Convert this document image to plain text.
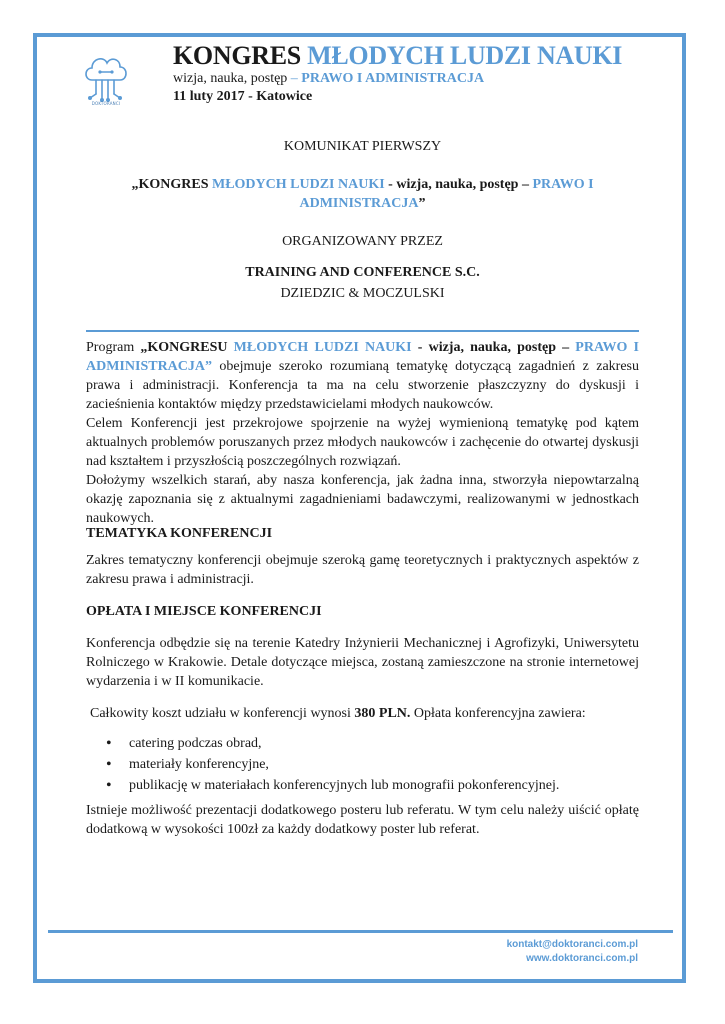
DOKTORANCI
KONGRES MŁODYCH LUDZI NAUKI
wizja, nauka, postęp – PRAWO I ADMINISTRACJA
11 luty 2017 - Katowice
KOMUNIKAT PIERWSZY
„KONGRES MŁODYCH LUDZI NAUKI - wizja, nauka, postęp – PRAWO I
ADMINISTRACJA”
ORGANIZOWANY PRZEZ
TRAINING AND CONFERENCE S.C.
DZIEDZIC & MOCZULSKI

Program „KONGRESU MŁODYCH LUDZI NAUKI - wizja, nauka, postęp – PRAWO I ADMINISTRACJA” obejmuje szeroko rozumianą tematykę dotyczącą zagadnień z zakresu prawa i administracji. Konferencja ta ma na celu stworzenie płaszczyzny do dyskusji i zacieśnienia kontaktów między przedstawicielami młodych naukowców.

Celem Konferencji jest przekrojowe spojrzenie na wyżej wymienioną tematykę pod kątem aktualnych problemów poruszanych przez młodych naukowców i zachęcenie do otwartej dyskusji nad kształtem i przyszłością poszczególnych rozwiązań.

Dołożymy wszelkich starań, aby nasza konferencja, jak żadna inna, stworzyła niepowtarzalną okazję zapoznania się z aktualnymi zagadnieniami badawczymi, realizowanymi w jednostkach naukowych.

TEMATYKA KONFERENCJI
Zakres tematyczny konferencji obejmuje szeroką gamę teoretycznych i praktycznych aspektów z zakresu prawa i administracji.
OPŁATA I MIEJSCE KONFERENCJI
Konferencja odbędzie się na terenie Katedry Inżynierii Mechanicznej i Agrofizyki, Uniwersytetu Rolniczego w Krakowie. Detale dotyczące miejsca, zostaną zamieszczone na stronie internetowej wydarzenia i w II komunikacie.
Całkowity koszt udziału w konferencji wynosi 380 PLN. Opłata konferencyjna zawiera:
• catering podczas obrad,
• materiały konferencyjne,
• publikację w materiałach konferencyjnych lub monografii pokonferencyjnej.
Istnieje możliwość prezentacji dodatkowego posteru lub referatu. W tym celu należy uiścić opłatę dodatkową w wysokości 100zł za każdy dodatkowy poster lub referat.
kontakt@doktoranci.com.pl
www.doktoranci.com.pl
